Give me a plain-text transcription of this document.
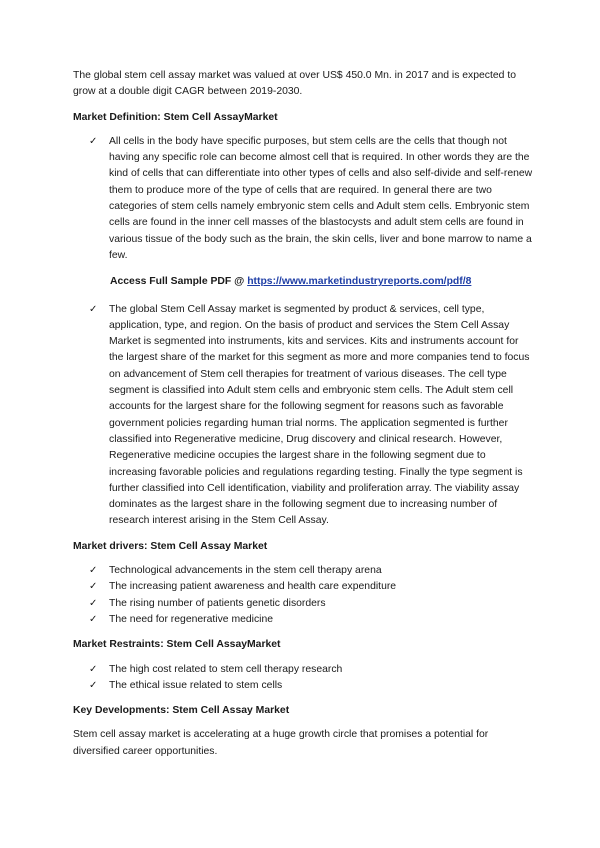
The global stem cell assay market was valued at over US$ 450.0 Mn. in 2017 and is expected to grow at a double digit CAGR between 2019-2030.

Market Definition: Stem Cell AssayMarket

✓	All cells in the body have specific purposes, but stem cells are the cells that though not having any specific role can become almost cell that is required. In other words they are the kind of cells that can differentiate into other types of cells and also self-divide and self-renew them to produce more of the type of cells that are required. In general there are two categories of stem cells namely embryonic stem cells and Adult stem cells. Embryonic stem cells are found in the inner cell masses of the blastocysts and adult stem cells are found in various tissue of the body such as the brain, the skin cells, liver and bone marrow to name a few.

Access Full Sample PDF @ https://www.marketindustryreports.com/pdf/8

✓	The global Stem Cell Assay market is segmented by product & services, cell type, application, type, and region. On the basis of product and services the Stem Cell Assay Market is segmented into instruments, kits and services. Kits and instruments account for the largest share of the market for this segment as more and more companies tend to focus on advancement of Stem cell therapies for treatment of various diseases. The cell type segment is classified into Adult stem cells and embryonic stem cells. The Adult stem cell accounts for the largest share for the following segment for reasons such as favorable government policies regarding human trial norms. The application segmented is further classified into Regenerative medicine, Drug discovery and clinical research. However, Regenerative medicine occupies the largest share in the following segment due to increasing favorable policies and regulations regarding testing. Finally the type segment is further classified into Cell identification, viability and proliferation array. The viability assay dominates as the largest share in the following segment due to increasing number of research interest arising in the Stem Cell Assay.

Market drivers: Stem Cell Assay Market

✓	Technological advancements in the stem cell therapy arena
✓	The increasing patient awareness and health care expenditure
✓	The rising number of patients genetic disorders
✓	The need for regenerative medicine

Market Restraints: Stem Cell AssayMarket

✓	The high cost related to stem cell therapy research
✓	The ethical issue related to stem cells

Key Developments: Stem Cell Assay Market

Stem cell assay market is accelerating at a huge growth circle that promises a potential for diversified career opportunities.
